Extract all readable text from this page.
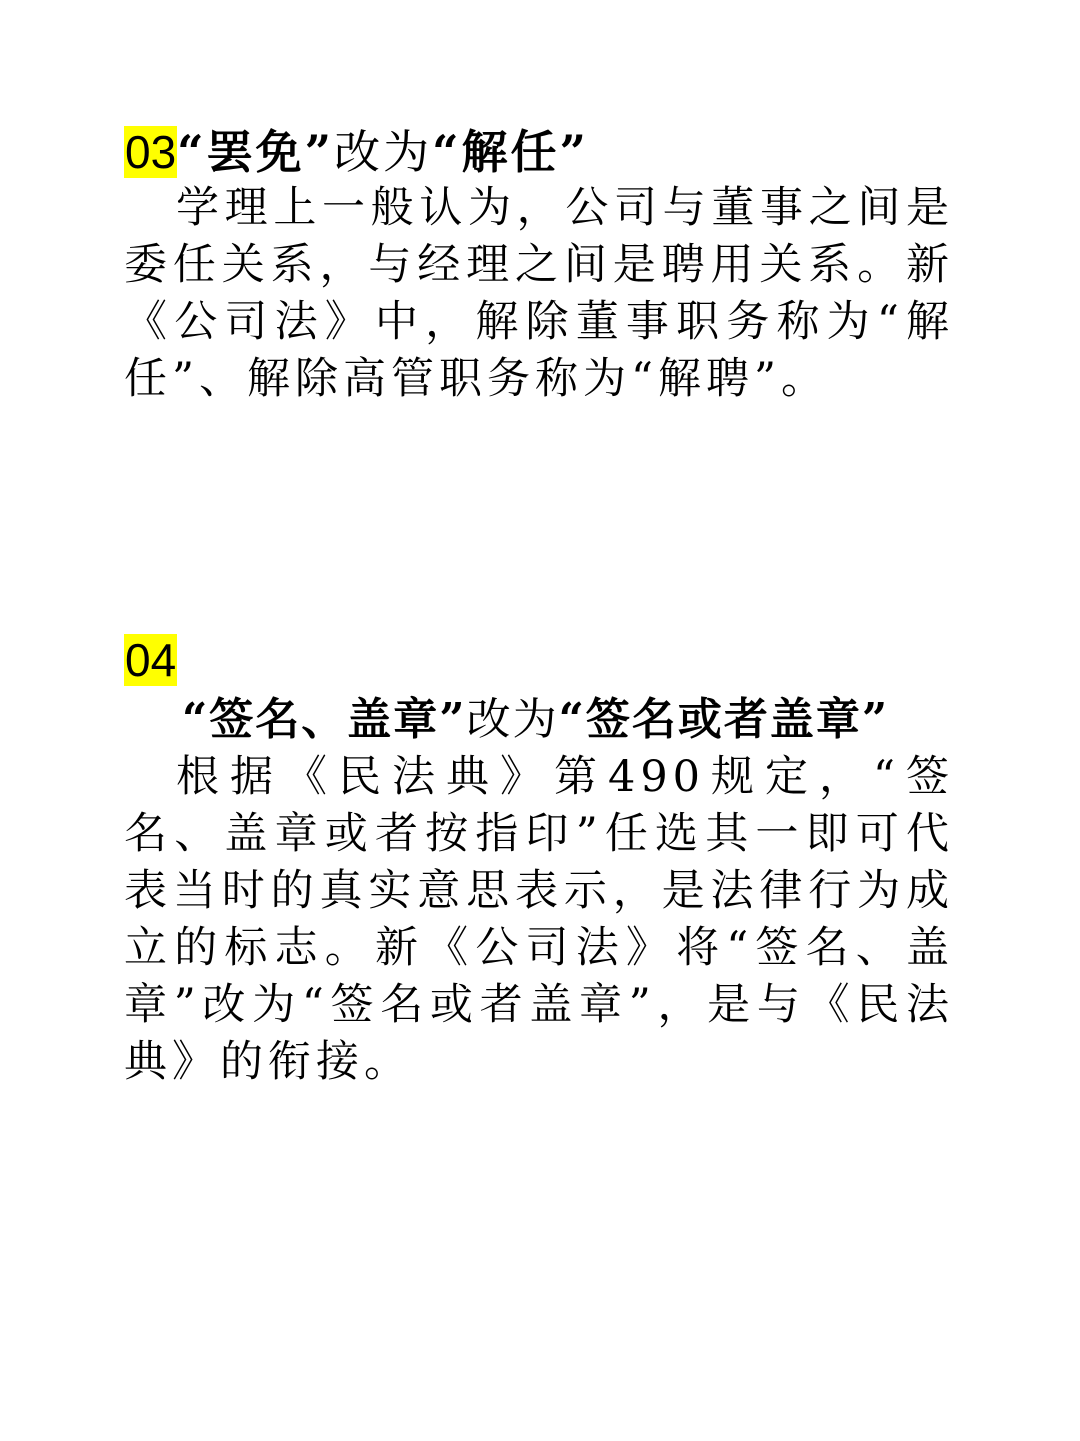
03“罢免”改为“解任”

学理上一般认为，公司与董事之间是委任关系，与经理之间是聘用关系。新《公司法》中，解除董事职务称为“解任”、解除高管职务称为“解聘”。

04
“签名、盖章”改为“签名或者盖章”

根据《民法典》第490规定，“签名、盖章或者按指印”任选其一即可代表当时的真实意思表示，是法律行为成立的标志。新《公司法》将“签名、盖章”改为“签名或者盖章”，是与《民法典》的衔接。
